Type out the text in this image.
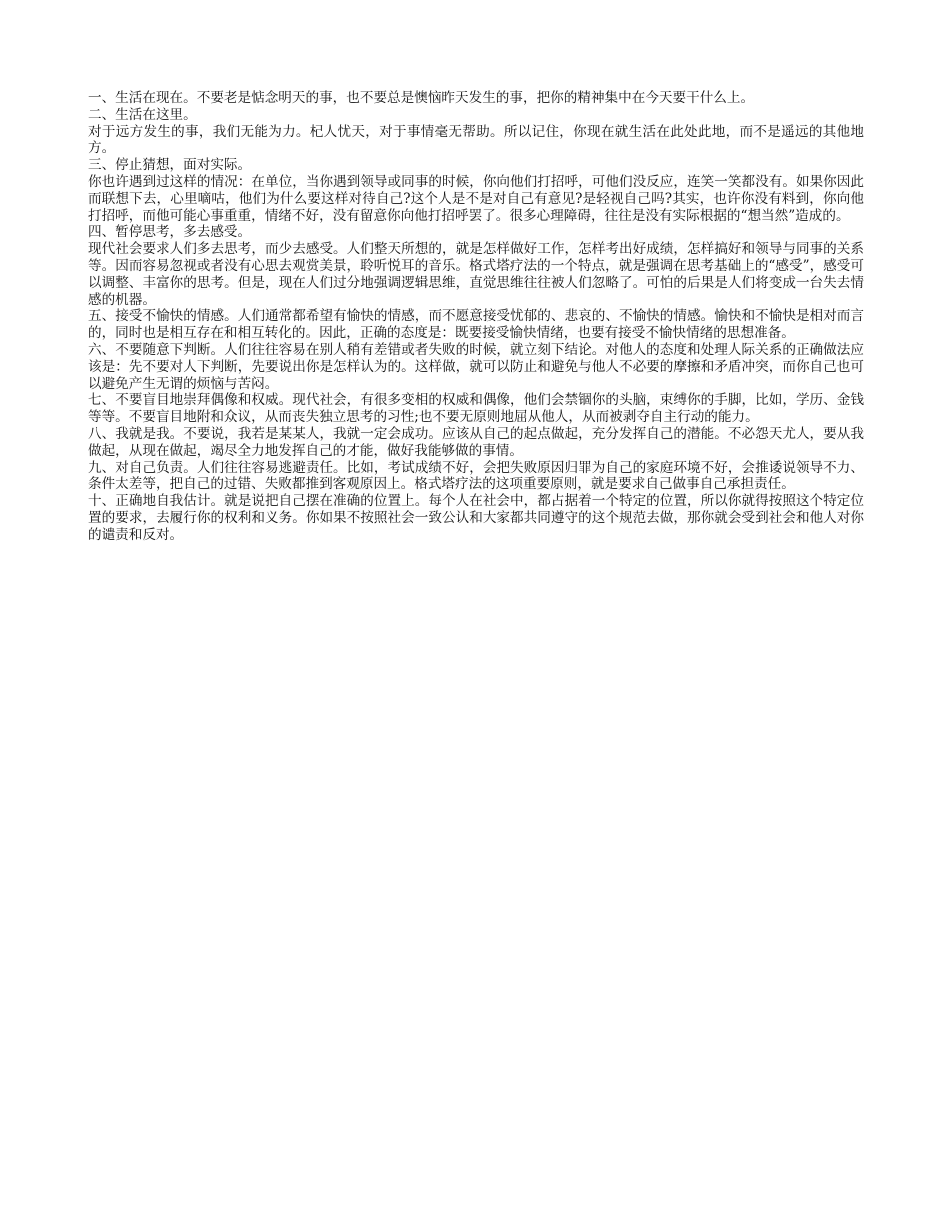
一、生活在现在。不要老是惦念明天的事，也不要总是懊恼昨天发生的事，把你的精神集中在今天要干什么上。

二、生活在这里。

对于远方发生的事，我们无能为力。杞人忧天，对于事情毫无帮助。所以记住，你现在就生活在此处此地，而不是遥远的其他地方。

三、停止猜想，面对实际。

你也许遇到过这样的情况：在单位，当你遇到领导或同事的时候，你向他们打招呼，可他们没反应，连笑一笑都没有。如果你因此而联想下去，心里嘀咕，他们为什么要这样对待自己?这个人是不是对自己有意见?是轻视自己吗?其实，也许你没有料到，你向他打招呼，而他可能心事重重，情绪不好，没有留意你向他打招呼罢了。很多心理障碍，往往是没有实际根据的“想当然”造成的。

四、暂停思考，多去感受。

现代社会要求人们多去思考，而少去感受。人们整天所想的，就是怎样做好工作，怎样考出好成绩，怎样搞好和领导与同事的关系等。因而容易忽视或者没有心思去观赏美景，聆听悦耳的音乐。格式塔疗法的一个特点，就是强调在思考基础上的“感受”，感受可以调整、丰富你的思考。但是，现在人们过分地强调逻辑思维，直觉思维往往被人们忽略了。可怕的后果是人们将变成一台失去情感的机器。

五、接受不愉快的情感。人们通常都希望有愉快的情感，而不愿意接受忧郁的、悲哀的、不愉快的情感。愉快和不愉快是相对而言的，同时也是相互存在和相互转化的。因此，正确的态度是：既要接受愉快情绪，也要有接受不愉快情绪的思想准备。

六、不要随意下判断。人们往往容易在别人稍有差错或者失败的时候，就立刻下结论。对他人的态度和处理人际关系的正确做法应该是：先不要对人下判断，先要说出你是怎样认为的。这样做，就可以防止和避免与他人不必要的摩擦和矛盾冲突，而你自己也可以避免产生无谓的烦恼与苦闷。

七、不要盲目地崇拜偶像和权威。现代社会，有很多变相的权威和偶像，他们会禁锢你的头脑，束缚你的手脚，比如，学历、金钱等等。不要盲目地附和众议，从而丧失独立思考的习性;也不要无原则地屈从他人，从而被剥夺自主行动的能力。

八、我就是我。不要说，我若是某某人，我就一定会成功。应该从自己的起点做起，充分发挥自己的潜能。不必怨天尤人，要从我做起，从现在做起，竭尽全力地发挥自己的才能，做好我能够做的事情。

九、对自己负责。人们往往容易逃避责任。比如，考试成绩不好，会把失败原因归罪为自己的家庭环境不好，会推诿说领导不力、条件太差等，把自己的过错、失败都推到客观原因上。格式塔疗法的这项重要原则，就是要求自己做事自己承担责任。

十、正确地自我估计。就是说把自己摆在准确的位置上。每个人在社会中，都占据着一个特定的位置，所以你就得按照这个特定位置的要求，去履行你的权利和义务。你如果不按照社会一致公认和大家都共同遵守的这个规范去做，那你就会受到社会和他人对你的谴责和反对。
